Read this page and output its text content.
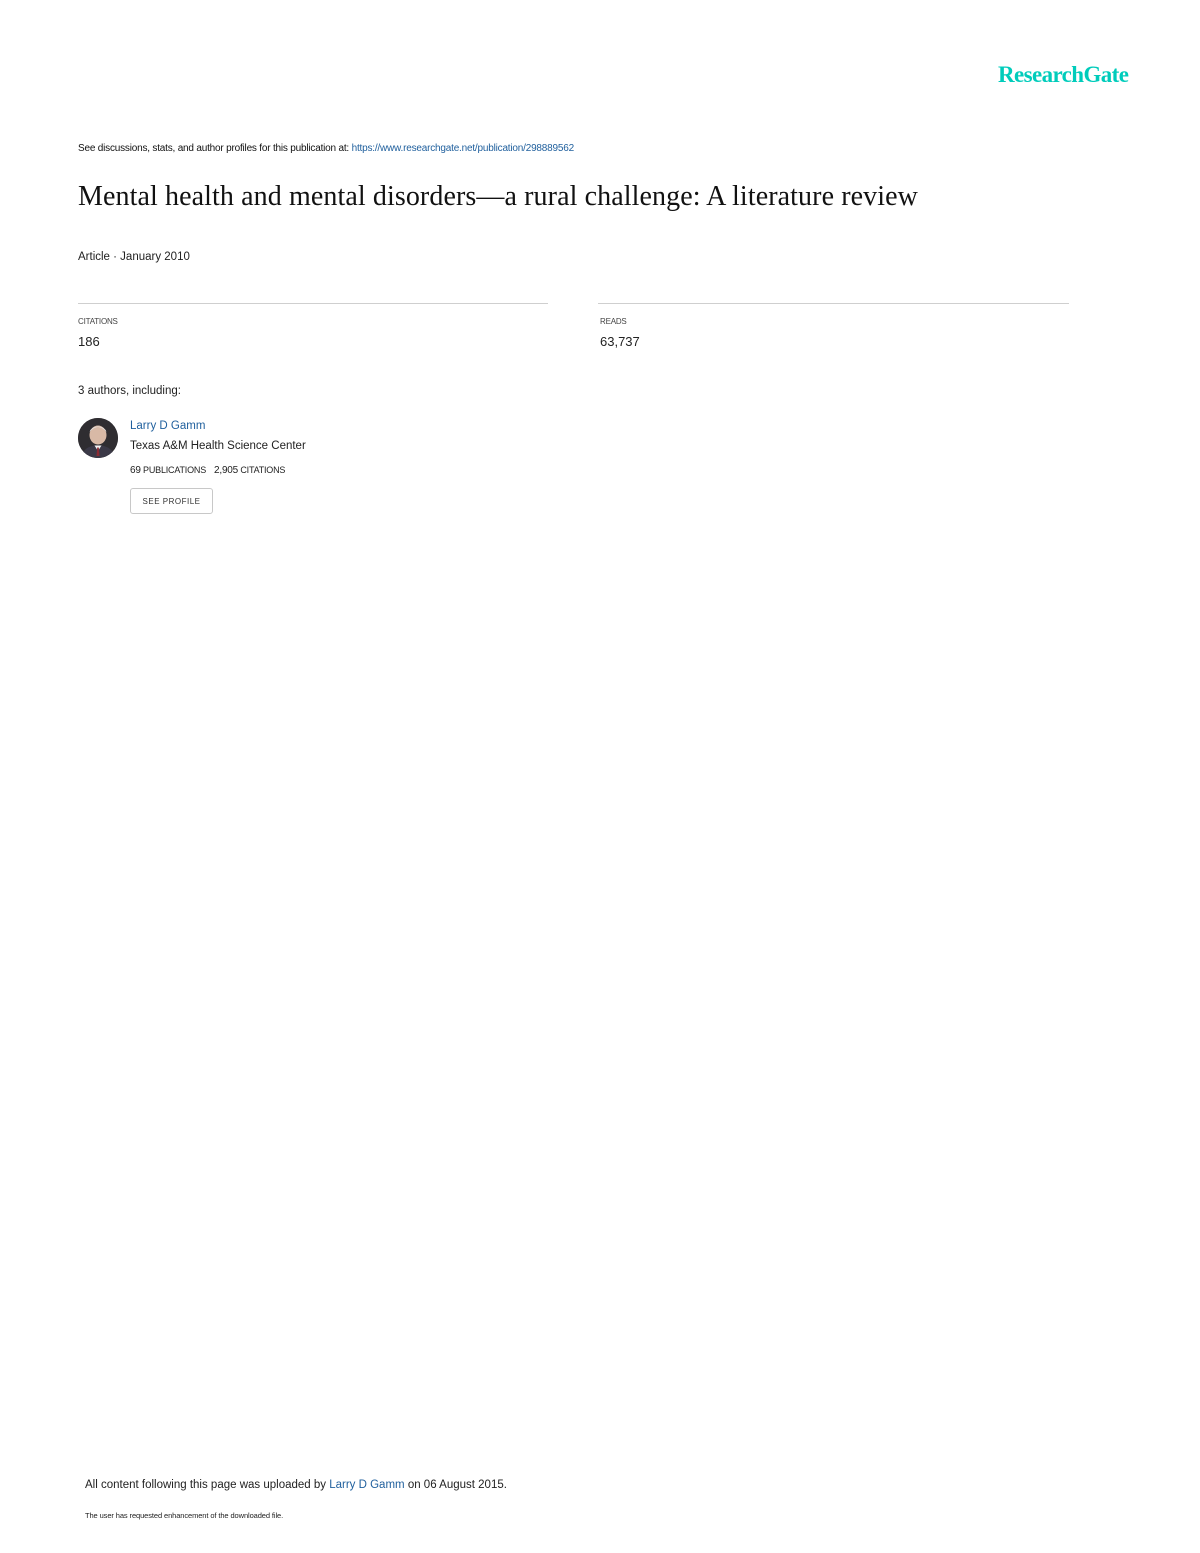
ResearchGate
See discussions, stats, and author profiles for this publication at: https://www.researchgate.net/publication/298889562
Mental health and mental disorders—a rural challenge: A literature review
Article · January 2010
CITATIONS
186
READS
63,737
3 authors, including:
Larry D Gamm
Texas A&M Health Science Center
69 PUBLICATIONS 2,905 CITATIONS
SEE PROFILE
All content following this page was uploaded by Larry D Gamm on 06 August 2015.
The user has requested enhancement of the downloaded file.
